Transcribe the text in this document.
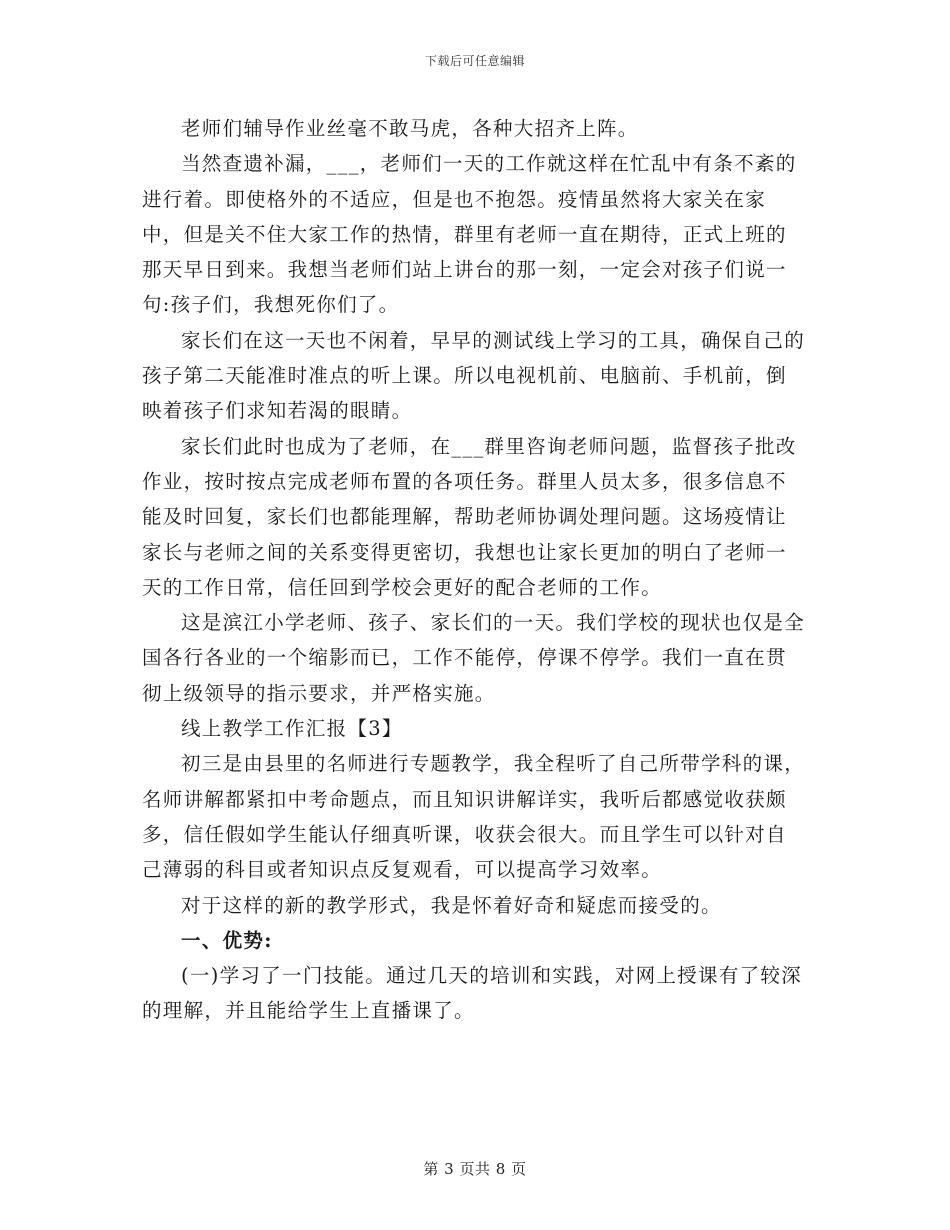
下载后可任意编辑

老师们辅导作业丝毫不敢马虎，各种大招齐上阵。

当然查遗补漏，___，老师们一天的工作就这样在忙乱中有条不紊的进行着。即使格外的不适应，但是也不抱怨。疫情虽然将大家关在家中，但是关不住大家工作的热情，群里有老师一直在期待，正式上班的那天早日到来。我想当老师们站上讲台的那一刻，一定会对孩子们说一句:孩子们，我想死你们了。

家长们在这一天也不闲着，早早的测试线上学习的工具，确保自己的孩子第二天能准时准点的听上课。所以电视机前、电脑前、手机前，倒映着孩子们求知若渴的眼睛。

家长们此时也成为了老师，在___群里咨询老师问题，监督孩子批改作业，按时按点完成老师布置的各项任务。群里人员太多，很多信息不能及时回复，家长们也都能理解，帮助老师协调处理问题。这场疫情让家长与老师之间的关系变得更密切，我想也让家长更加的明白了老师一天的工作日常，信任回到学校会更好的配合老师的工作。

这是滨江小学老师、孩子、家长们的一天。我们学校的现状也仅是全国各行各业的一个缩影而已，工作不能停，停课不停学。我们一直在贯彻上级领导的指示要求，并严格实施。

线上教学工作汇报【3】

初三是由县里的名师进行专题教学，我全程听了自己所带学科的课，名师讲解都紧扣中考命题点，而且知识讲解详实，我听后都感觉收获颇多，信任假如学生能认仔细真听课，收获会很大。而且学生可以针对自己薄弱的科目或者知识点反复观看，可以提高学习效率。

对于这样的新的教学形式，我是怀着好奇和疑虑而接受的。

一、优势:

(一)学习了一门技能。通过几天的培训和实践，对网上授课有了较深的理解，并且能给学生上直播课了。

第 3 页共 8 页
